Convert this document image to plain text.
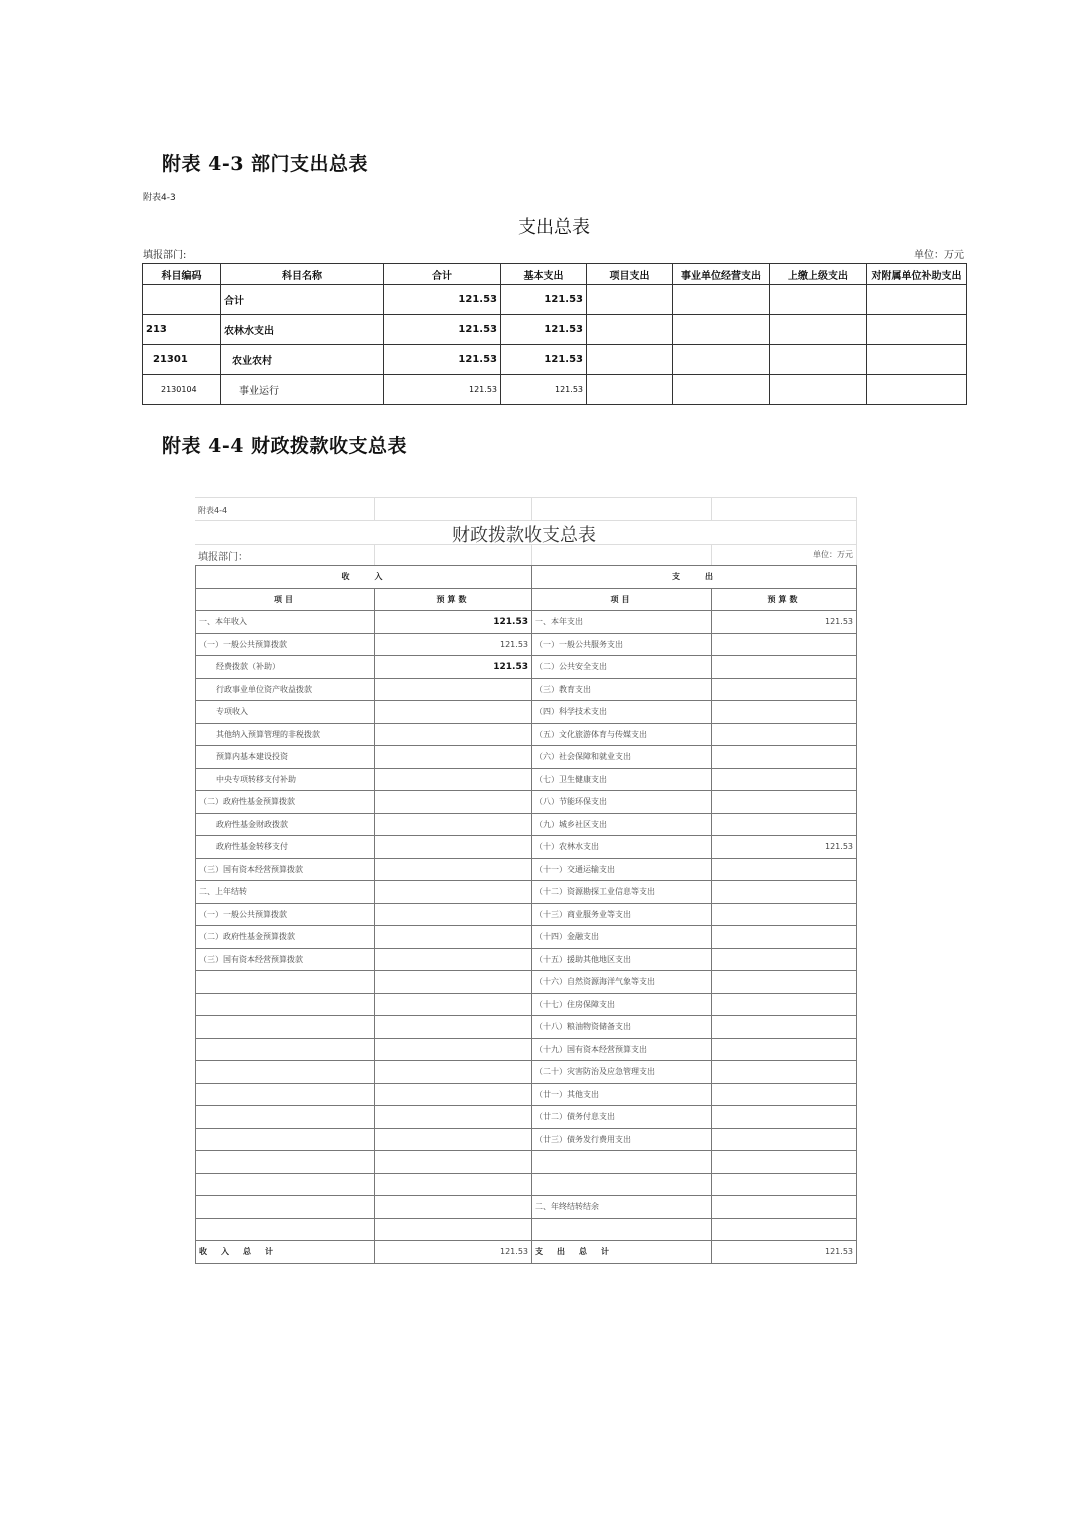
附表 4-3 部门支出总表
附表4-3
支出总表
填报部门:	单位：万元
科目编码	科目名称	合计	基本支出	项目支出	事业单位经营支出	上缴上级支出	对附属单位补助支出
	合计	121.53	121.53				
213	农林水支出	121.53	121.53				
21301	农业农村	121.53	121.53				
2130104	事业运行	121.53	121.53				
附表 4-4 财政拨款收支总表
附表4-4
财政拨款收支总表
填报部门：	单位：万元
收　　入		支　　出	
项目	预算数	项目	预算数
一、本年收入	121.53	一、本年支出	121.53
（一）一般公共预算拨款	121.53	（一）一般公共服务支出	
经费拨款（补助）	121.53	（二）公共安全支出	
行政事业单位资产收益拨款		（三）教育支出	
专项收入		（四）科学技术支出	
其他纳入预算管理的非税拨款		（五）文化旅游体育与传媒支出	
预算内基本建设投资		（六）社会保障和就业支出	
中央专项转移支付补助		（七）卫生健康支出	
（二）政府性基金预算拨款		（八）节能环保支出	
政府性基金财政拨款		（九）城乡社区支出	
政府性基金转移支付		（十）农林水支出	121.53
（三）国有资本经营预算拨款		（十一）交通运输支出	
二、上年结转		（十二）资源勘探工业信息等支出	
（一）一般公共预算拨款		（十三）商业服务业等支出	
（二）政府性基金预算拨款		（十四）金融支出	
（三）国有资本经营预算拨款		（十五）援助其他地区支出	
		（十六）自然资源海洋气象等支出	
		（十七）住房保障支出	
		（十八）粮油物资储备支出	
		（十九）国有资本经营预算支出	
		（二十）灾害防治及应急管理支出	
		（廿一）其他支出	
		（廿二）债务付息支出	
		（廿三）债务发行费用支出	

		二、年终结转结余	

收　入　总　计	121.53	支　出　总　计	121.53
